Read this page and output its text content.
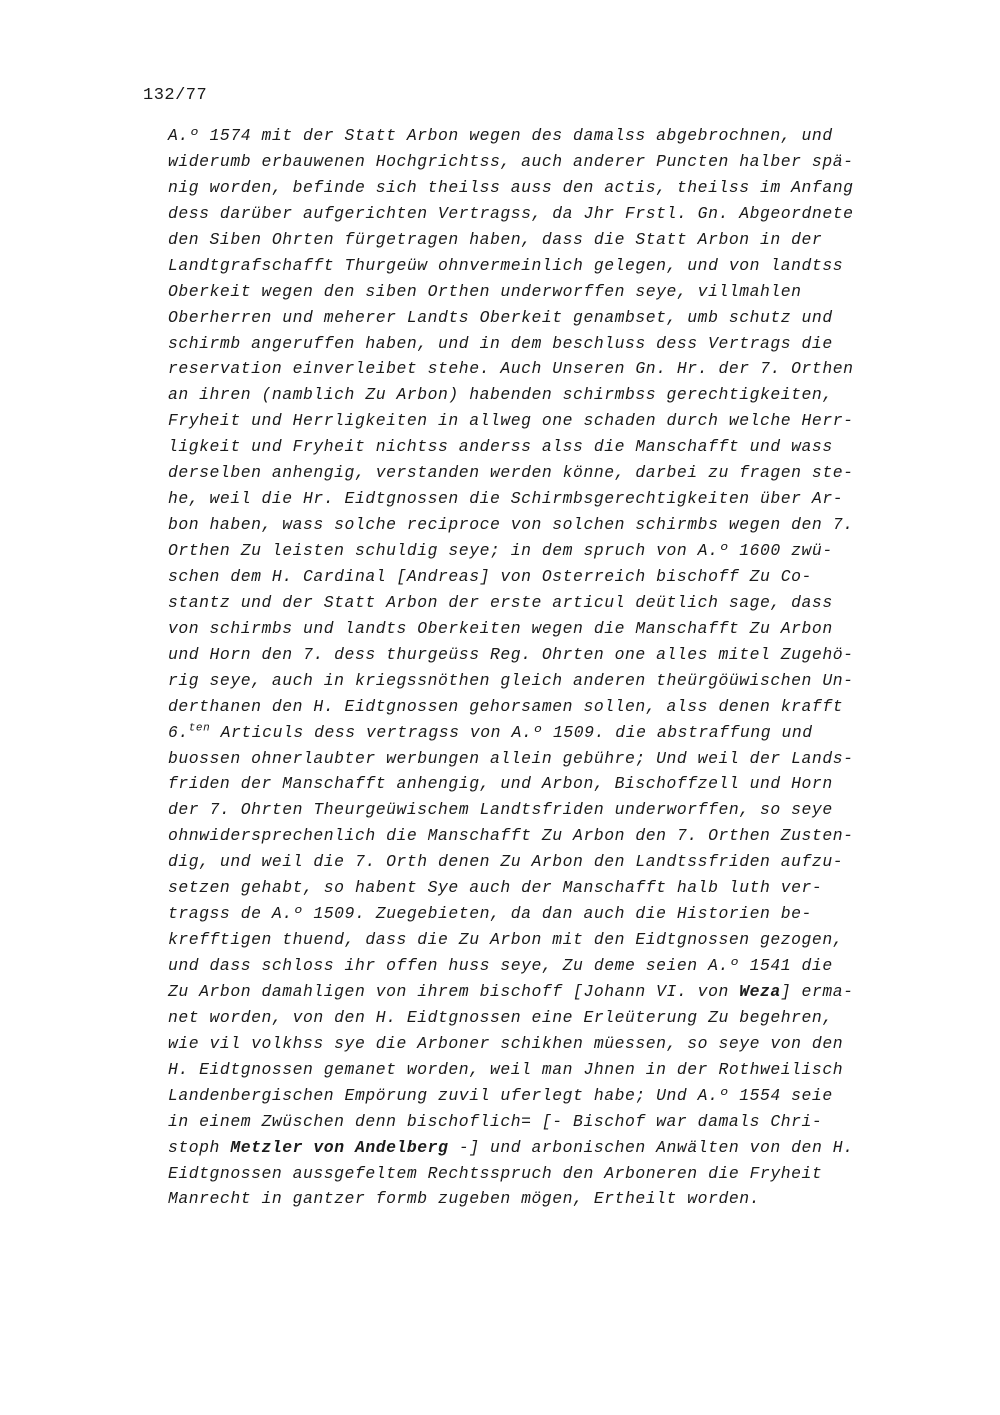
132/77
A.º 1574 mit der Statt Arbon wegen des damalss abgebrochnen, und
widerumb erbauwenen Hochgrichtss, auch anderer Puncten halber spä-
nig worden, befinde sich theilss auss den actis, theilss im Anfang
dess darüber aufgerichten Vertragss, da Jhr Frstl. Gn. Abgeordnete
den Siben Ohrten fürgetragen haben, dass die Statt Arbon in der
Landtgrafschafft Thurgeüw ohnvermeinlich gelegen, und von landtss
Oberkeit wegen den siben Orthen underworffen seye, villmahlen
Oberherren und meherer Landts Oberkeit genambset, umb schutz und
schirmb angeruffen haben, und in dem beschluss dess Vertrags die
reservation einverleibet stehe. Auch Unseren Gn. Hr. der 7. Orthen
an ihren (namblich Zu Arbon) habenden schirmbss gerechtigkeiten,
Fryheit und Herrligkeiten in allweg one schaden durch welche Herr-
ligkeit und Fryheit nichtss anderss alss die Manschafft und wass
derselben anhengig, verstanden werden könne, darbei zu fragen ste-
he, weil die Hr. Eidtgnossen die Schirmbsgerechtigkeiten über Ar-
bon haben, wass solche reciproce von solchen schirmbs wegen den 7.
Orthen Zu leisten schuldig seye; in dem spruch von A.º 1600 zwü-
schen dem H. Cardinal [Andreas] von Osterreich bischoff Zu Co-
stantz und der Statt Arbon der erste articul deütlich sage, dass
von schirmbs und landts Oberkeiten wegen die Manschafft Zu Arbon
und Horn den 7. dess thurgeüss Reg. Ohrten one alles mitel Zugehö-
rig seye, auch in kriegssnöthen gleich anderen theürgöüwischen Un-
derthanen den H. Eidtgnossen gehorsamen sollen, alss denen krafft
6.$^{ten}$ Articuls dess vertragss von A.º 1509. die abstraffung und
buossen ohnerlaubter werbungen allein gebühre; Und weil der Lands-
friden der Manschafft anhengig, und Arbon, Bischoffzell und Horn
der 7. Ohrten Theurgeüwischem Landtsfriden underworffen, so seye
ohnwidersprechenlich die Manschafft Zu Arbon den 7. Orthen Zusten-
dig, und weil die 7. Orth denen Zu Arbon den Landtssfriden aufzu-
setzen gehabt, so habent Sye auch der Manschafft halb luth ver-
tragss de A.º 1509. Zuegebieten, da dan auch die Historien be-
krefftigen thuend, dass die Zu Arbon mit den Eidtgnossen gezogen,
und dass schloss ihr offen huss seye, Zu deme seien A.º 1541 die
Zu Arbon damahligen von ihrem bischoff [Johann VI. von Weza] erma-
net worden, von den H. Eidtgnossen eine Erleüterung Zu begehren,
wie vil volkhss sye die Arboner schikhen müessen, so seye von den
H. Eidtgnossen gemanet worden, weil man Jhnen in der Rothweilisch
Landenbergischen Empörung zuvil uferlegt habe; Und A.º 1554 seie
in einem Zwüschen denn bischoflich= [- Bischof war damals Chri-
stoph Metzler von Andelberg -] und arbonischen Anwälten von den H.
Eidtgnossen aussgefeltem Rechtsspruch den Arboneren die Fryheit
Manrecht in gantzer formb zugeben mögen, Ertheilt worden.
